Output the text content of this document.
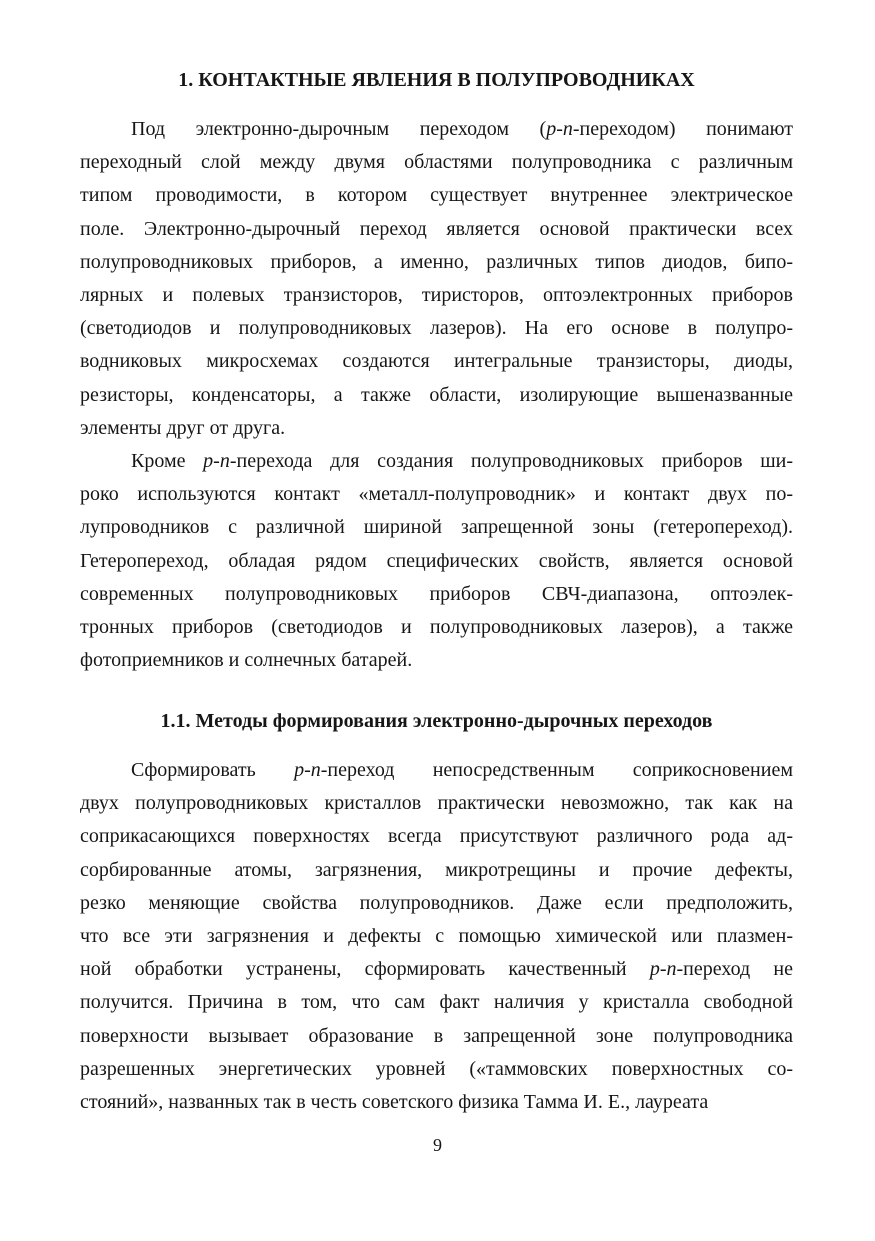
1. КОНТАКТНЫЕ ЯВЛЕНИЯ В ПОЛУПРОВОДНИКАХ
Под электронно-дырочным переходом (p-n-переходом) понимают
переходный слой между двумя областями полупроводника с различным
типом проводимости, в котором существует внутреннее электрическое
поле. Электронно-дырочный переход является основой практически всех
полупроводниковых приборов, а именно, различных типов диодов, бипо-
лярных и полевых транзисторов, тиристоров, оптоэлектронных приборов
(светодиодов и полупроводниковых лазеров). На его основе в полупро-
водниковых микросхемах создаются интегральные транзисторы, диоды,
резисторы, конденсаторы, а также области, изолирующие вышеназванные
элементы друг от друга.
Кроме p-n-перехода для создания полупроводниковых приборов ши-
роко используются контакт «металл-полупроводник» и контакт двух по-
лупроводников с различной шириной запрещенной зоны (гетеропереход).
Гетеропереход, обладая рядом специфических свойств, является основой
современных полупроводниковых приборов СВЧ-диапазона, оптоэлек-
тронных приборов (светодиодов и полупроводниковых лазеров), а также
фотоприемников и солнечных батарей.
1.1. Методы формирования электронно-дырочных переходов
Сформировать p-n-переход непосредственным соприкосновением
двух полупроводниковых кристаллов практически невозможно, так как на
соприкасающихся поверхностях всегда присутствуют различного рода ад-
сорбированные атомы, загрязнения, микротрещины и прочие дефекты,
резко меняющие свойства полупроводников. Даже если предположить,
что все эти загрязнения и дефекты с помощью химической или плазмен-
ной обработки устранены, сформировать качественный p-n-переход не
получится. Причина в том, что сам факт наличия у кристалла свободной
поверхности вызывает образование в запрещенной зоне полупроводника
разрешенных энергетических уровней («таммовских поверхностных со-
стояний», названных так в честь советского физика Тамма И. Е., лауреата
9
